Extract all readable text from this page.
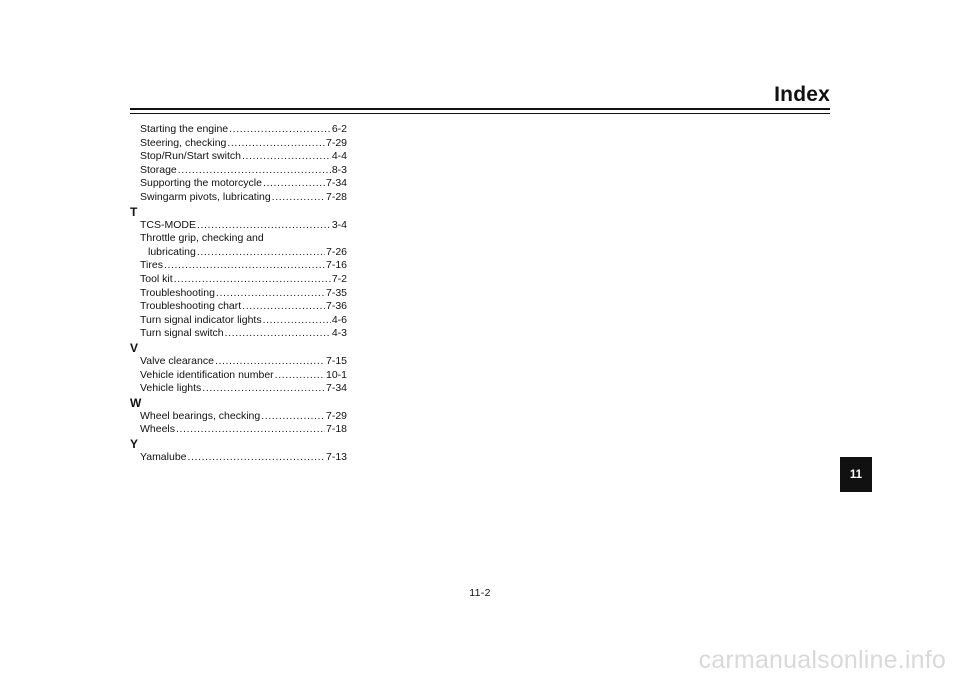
Index
Starting the engine .....	6-2
Steering, checking .....	7-29
Stop/Run/Start switch .....	4-4
Storage .....	8-3
Supporting the motorcycle .....	7-34
Swingarm pivots, lubricating .....	7-28
T
TCS-MODE .....	3-4
Throttle grip, checking and
lubricating .....	7-26
Tires .....	7-16
Tool kit .....	7-2
Troubleshooting .....	7-35
Troubleshooting chart .....	7-36
Turn signal indicator lights .....	4-6
Turn signal switch .....	4-3
V
Valve clearance .....	7-15
Vehicle identification number .....	10-1
Vehicle lights .....	7-34
W
Wheel bearings, checking .....	7-29
Wheels .....	7-18
Y
Yamalube .....	7-13
11
11-2
carmanualsonline.info
